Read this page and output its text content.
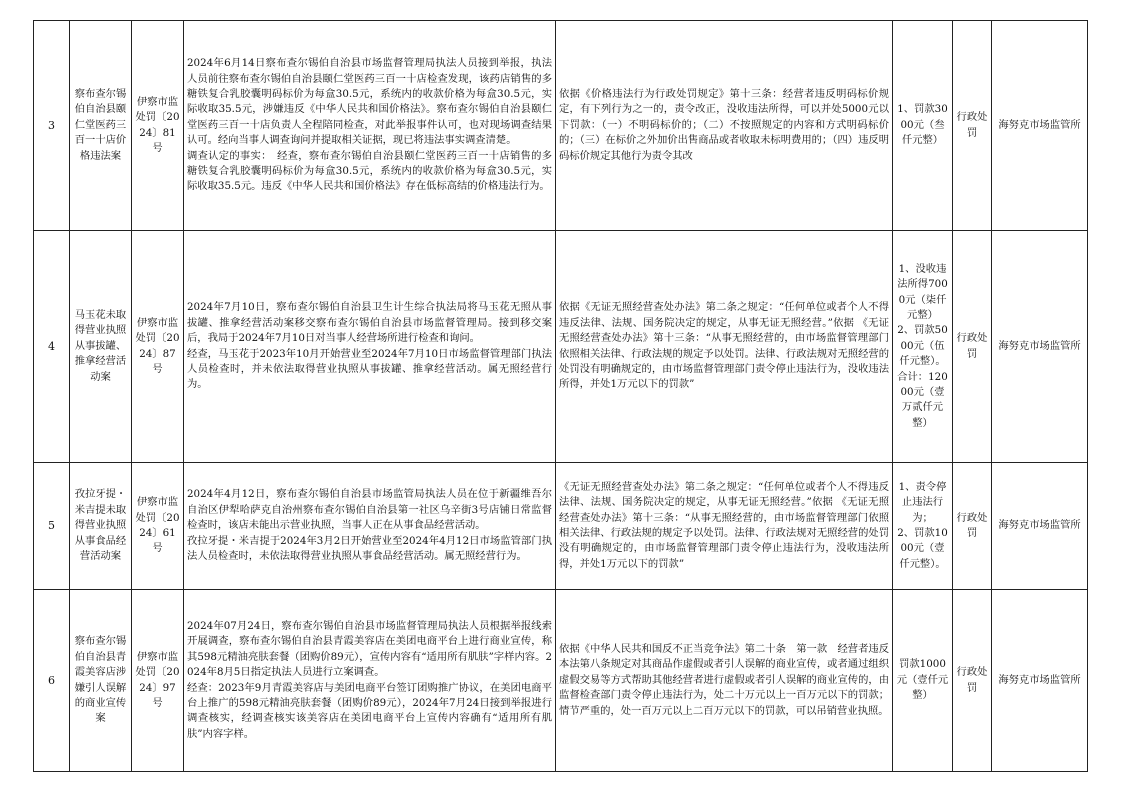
3	察布查尔锡伯自治县颐仁堂医药三百一十店价格违法案	伊察市监处罚〔2024〕81号	2024年6月14日察布查尔锡伯自治县市场监督管理局执法人员接到举报，执法人员前往察布查尔锡伯自治县颐仁堂医药三百一十店检查发现，该药店销售的多糖铁复合乳胶囊明码标价为每盒30.5元，系统内的收款价格为每盒30.5元，实际收取35.5元，涉嫌违反《中华人民共和国价格法》。察布查尔锡伯自治县颐仁堂医药三百一十店负责人全程陪同检查，对此举报事件认可，也对现场调查结果认可。经向当事人调查询问并提取相关证据，现已将违法事实调查清楚。
调查认定的事实：　经查，察布查尔锡伯自治县颐仁堂医药三百一十店销售的多糖铁复合乳胶囊明码标价为每盒30.5元，系统内的收款价格为每盒30.5元，实际收取35.5元。违反《中华人民共和国价格法》存在低标高结的价格违法行为。	依据《价格违法行为行政处罚规定》第十三条：经营者违反明码标价规定，有下列行为之一的，责令改正，没收违法所得，可以并处5000元以下罚款：（一）不明码标价的；（二）不按照规定的内容和方式明码标价的；（三）在标价之外加价出售商品或者收取未标明费用的；（四）违反明码标价规定其他行为责令其改	1、罚款3000元（叁仟元整）	行政处罚	海努克市场监管所
4	马玉花未取得营业执照从事拔罐、推拿经营活动案	伊察市监处罚〔2024〕87号	2024年7月10日，察布查尔锡伯自治县卫生计生综合执法局将马玉花无照从事拔罐、推拿经营活动案移交察布查尔锡伯自治县市场监督管理局。接到移交案后，我局于2024年7月10日对当事人经营场所进行检查和询问。
经查，马玉花于2023年10月开始营业至2024年7月10日市场监督管理部门执法人员检查时，并未依法取得营业执照从事拔罐、推拿经营活动。属无照经营行为。	依据《无证无照经营查处办法》第二条之规定：“任何单位或者个人不得违反法律、法规、国务院决定的规定，从事无证无照经营。”依据 《无证无照经营查处办法》第十三条：“从事无照经营的，由市场监督管理部门依照相关法律、行政法规的规定予以处罚。法律、行政法规对无照经营的处罚没有明确规定的，由市场监督管理部门责令停止违法行为，没收违法所得，并处1万元以下的罚款”	1、没收违法所得7000元（柒仟元整）
2、罚款5000元（伍仟元整）。合计：12000元（壹万贰仟元整）	行政处罚	海努克市场监管所
5	孜拉牙提・米吉提未取得营业执照从事食品经营活动案	伊察市监处罚〔2024〕61号	2024年4月12日，察布查尔锡伯自治县市场监管局执法人员在位于新疆维吾尔自治区伊犁哈萨克自治州察布查尔锡伯自治县第一社区乌辛街3号店铺日常监督检查时，该店未能出示营业执照，当事人正在从事食品经营活动。
孜拉牙提・米吉提于2024年3月2日开始营业至2024年4月12日市场监管部门执法人员检查时，未依法取得营业执照从事食品经营活动。属无照经营行为。	《无证无照经营查处办法》第二条之规定：“任何单位或者个人不得违反法律、法规、国务院决定的规定，从事无证无照经营。”依据 《无证无照经营查处办法》第十三条：“从事无照经营的，由市场监督管理部门依照相关法律、行政法规的规定予以处罚。法律、行政法规对无照经营的处罚没有明确规定的，由市场监督管理部门责令停止违法行为，没收违法所得，并处1万元以下的罚款”	1、责令停止违法行为；
2、罚款1000元（壹仟元整）。	行政处罚	海努克市场监管所
6	察布查尔锡伯自治县青霞美容店涉嫌引人误解的商业宣传案	伊察市监处罚〔2024〕97号	2024年07月24日，察布查尔锡伯自治县市场监督管理局执法人员根据举报线索开展调查，察布查尔锡伯自治县青霞美容店在美团电商平台上进行商业宣传，称其598元精油亮肤套餐（团购价89元），宣传内容有“适用所有肌肤”字样内容。2024年8月5日指定执法人员进行立案调查。
经查：2023年9月青霞美容店与美团电商平台签订团购推广协议，在美团电商平台上推广的598元精油亮肤套餐（团购价89元），2024年7月24日接到举报进行调查核实，经调查核实该美容店在美团电商平台上宣传内容确有“适用所有肌肤”内容字样。	依据《中华人民共和国反不正当竞争法》第二十条　第一款　经营者违反本法第八条规定对其商品作虚假或者引人误解的商业宣传，或者通过组织虚假交易等方式帮助其他经营者进行虚假或者引人误解的商业宣传的，由监督检查部门责令停止违法行为，处二十万元以上一百万元以下的罚款；情节严重的，处一百万元以上二百万元以下的罚款，可以吊销营业执照。	罚款1000元（壹仟元整）	行政处罚	海努克市场监管所
